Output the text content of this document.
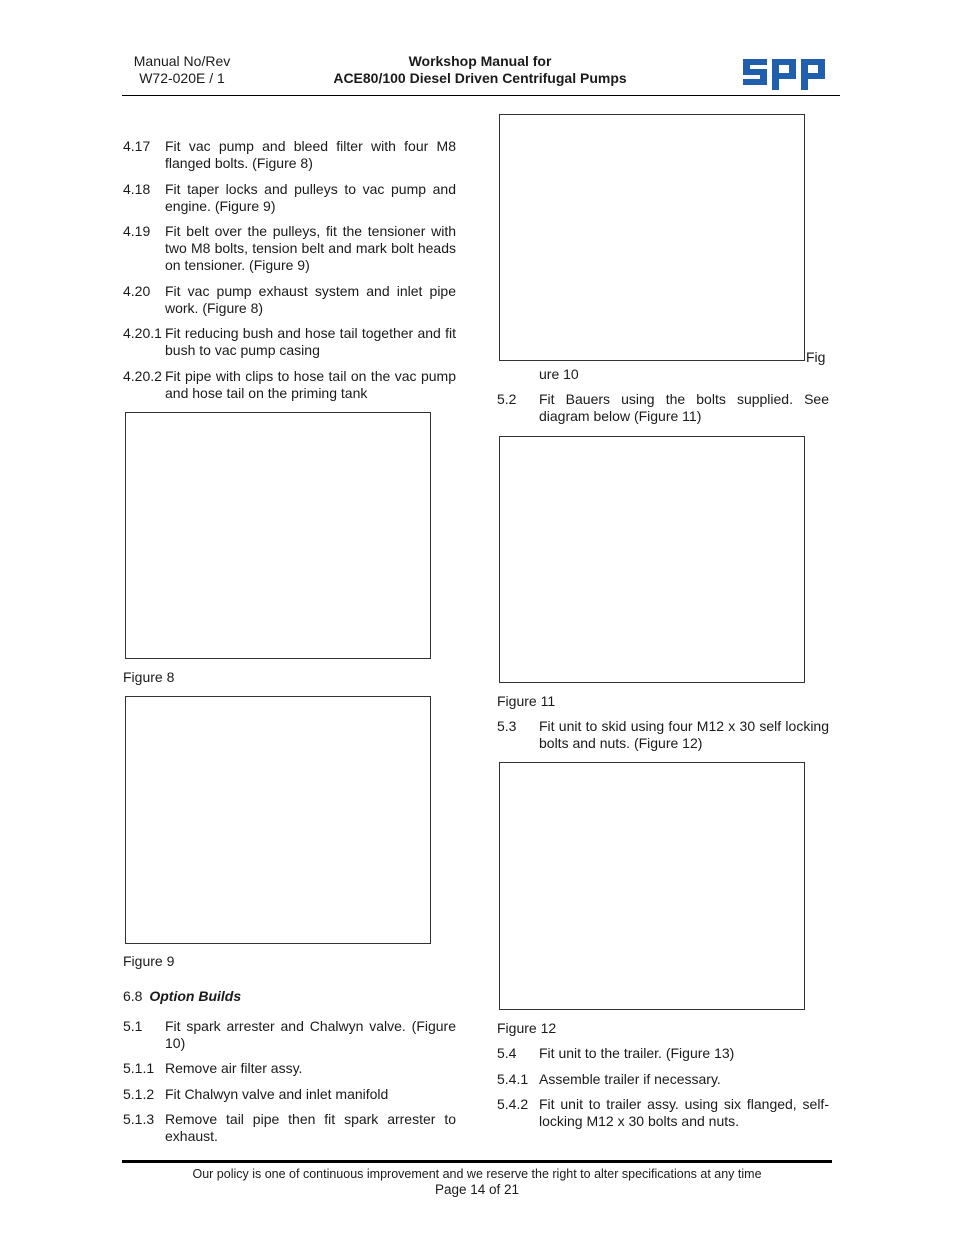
Manual No/Rev
W72-020E / 1
Workshop Manual for
ACE80/100 Diesel Driven Centrifugal Pumps
4.17 Fit vac pump and bleed filter with four M8 flanged bolts. (Figure 8)
4.18 Fit taper locks and pulleys to vac pump and engine. (Figure 9)
4.19 Fit belt over the pulleys, fit the tensioner with two M8 bolts, tension belt and mark bolt heads on tensioner. (Figure 9)
4.20 Fit vac pump exhaust system and inlet pipe work. (Figure 8)
4.20.1 Fit reducing bush and hose tail together and fit bush to vac pump casing
4.20.2 Fit pipe with clips to hose tail on the vac pump and hose tail on the priming tank
Figure 8
Figure 9
6.8 Option Builds
5.1 Fit spark arrester and Chalwyn valve. (Figure 10)
5.1.1 Remove air filter assy.
5.1.2 Fit Chalwyn valve and inlet manifold
5.1.3 Remove tail pipe then fit spark arrester to exhaust.
Fig
ure 10
5.2 Fit Bauers using the bolts supplied. See diagram below (Figure 11)
Figure 11
5.3 Fit unit to skid using four M12 x 30 self locking bolts and nuts. (Figure 12)
Figure 12
5.4 Fit unit to the trailer. (Figure 13)
5.4.1 Assemble trailer if necessary.
5.4.2 Fit unit to trailer assy. using six flanged, self-locking M12 x 30 bolts and nuts.
Our policy is one of continuous improvement and we reserve the right to alter specifications at any time
Page 14 of 21
